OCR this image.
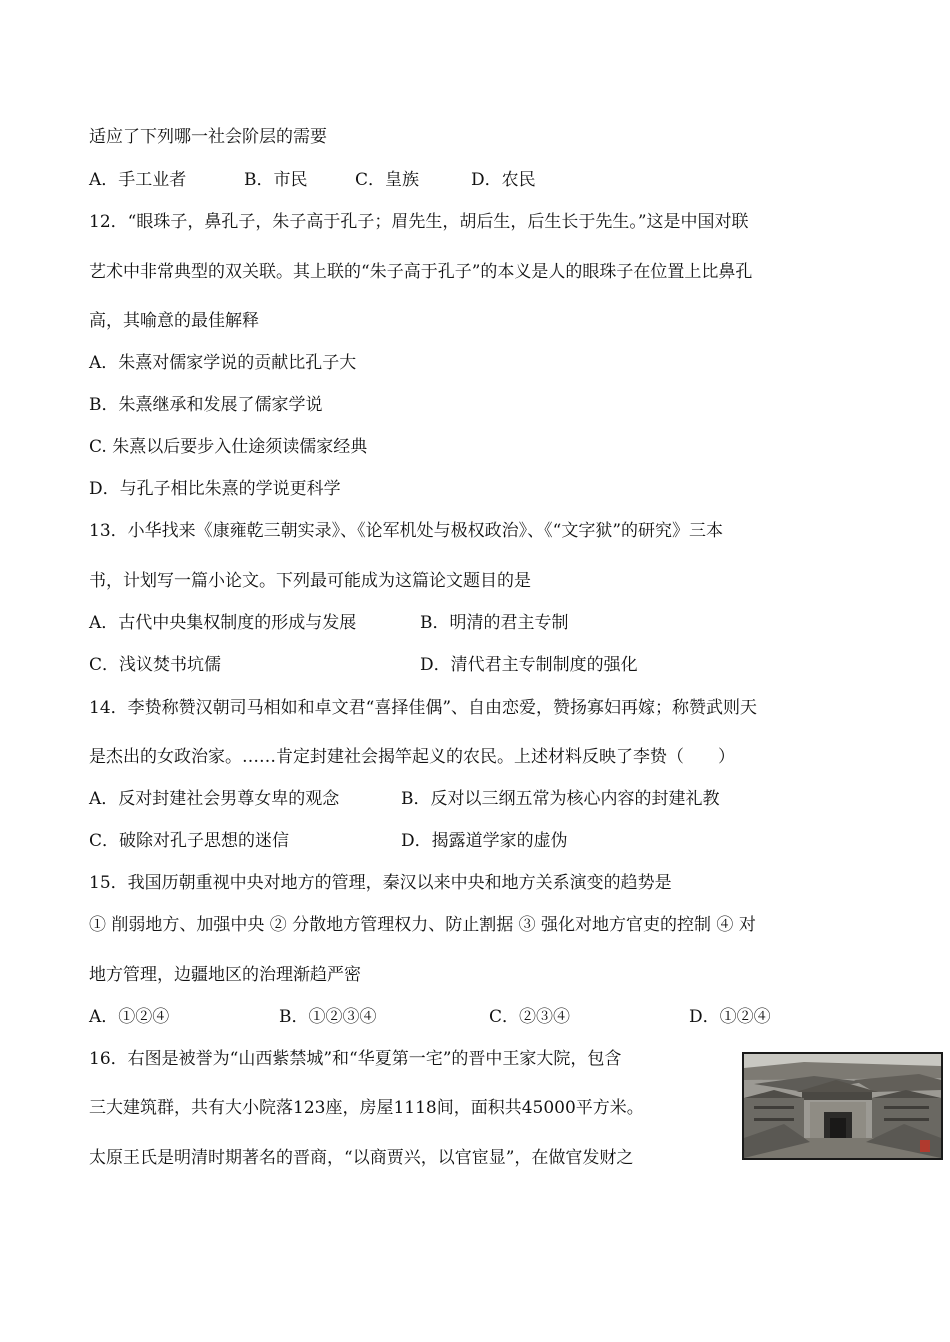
适应了下列哪一社会阶层的需要
A．手工业者	B．市民	C．皇族	D．农民
12．“眼珠子，鼻孔子，朱子高于孔子；眉先生，胡后生，后生长于先生。”这是中国对联
艺术中非常典型的双关联。其上联的“朱子高于孔子”的本义是人的眼珠子在位置上比鼻孔
高，其喻意的最佳解释
A．朱熹对儒家学说的贡献比孔子大
B．朱熹继承和发展了儒家学说
C. 朱熹以后要步入仕途须读儒家经典
D．与孔子相比朱熹的学说更科学
13．小华找来《康雍乾三朝实录》、《论军机处与极权政治》、《“文字狱”的研究》三本
书，计划写一篇小论文。下列最可能成为这篇论文题目的是
A．古代中央集权制度的形成与发展	B．明清的君主专制
C．浅议焚书坑儒	D．清代君主专制制度的强化
14．李贽称赞汉朝司马相如和卓文君“喜择佳偶”、自由恋爱，赞扬寡妇再嫁；称赞武则天
是杰出的女政治家。……肯定封建社会揭竿起义的农民。上述材料反映了李贽（　　）
A．反对封建社会男尊女卑的观念	B．反对以三纲五常为核心内容的封建礼教
C．破除对孔子思想的迷信	D．揭露道学家的虚伪
15．我国历朝重视中央对地方的管理，秦汉以来中央和地方关系演变的趋势是
① 削弱地方、加强中央 ② 分散地方管理权力、防止割据 ③ 强化对地方官吏的控制 ④ 对
地方管理，边疆地区的治理渐趋严密
A．①②④	B．①②③④	C．②③④	D．①②④
16．右图是被誉为“山西紫禁城”和“华夏第一宅”的晋中王家大院，包含
三大建筑群，共有大小院落123座，房屋1118间，面积共45000平方米。
太原王氏是明清时期著名的晋商，“以商贾兴，以官宦显”，在做官发财之
